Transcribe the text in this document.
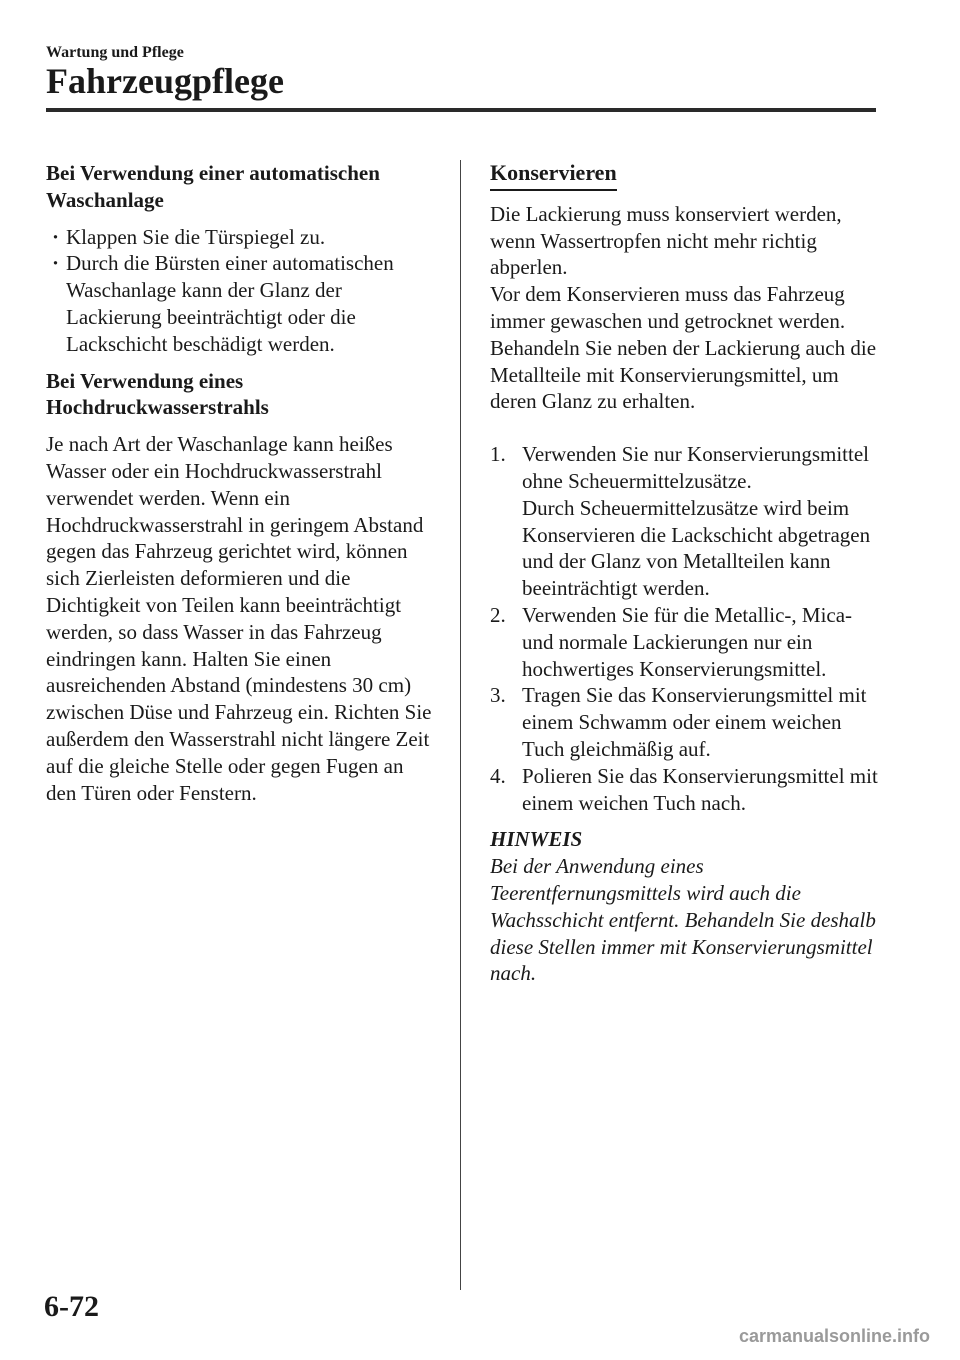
Wartung und Pflege
Fahrzeugpflege

Bei Verwendung einer automatischen Waschanlage

· Klappen Sie die Türspiegel zu.
· Durch die Bürsten einer automatischen Waschanlage kann der Glanz der Lackierung beeinträchtigt oder die Lackschicht beschädigt werden.

Bei Verwendung eines Hochdruckwasserstrahls

Je nach Art der Waschanlage kann heißes Wasser oder ein Hochdruckwasserstrahl verwendet werden. Wenn ein Hochdruckwasserstrahl in geringem Abstand gegen das Fahrzeug gerichtet wird, können sich Zierleisten deformieren und die Dichtigkeit von Teilen kann beeinträchtigt werden, so dass Wasser in das Fahrzeug eindringen kann. Halten Sie einen ausreichenden Abstand (mindestens 30 cm) zwischen Düse und Fahrzeug ein. Richten Sie außerdem den Wasserstrahl nicht längere Zeit auf die gleiche Stelle oder gegen Fugen an den Türen oder Fenstern.

Konservieren

Die Lackierung muss konserviert werden, wenn Wassertropfen nicht mehr richtig abperlen.

Vor dem Konservieren muss das Fahrzeug immer gewaschen und getrocknet werden. Behandeln Sie neben der Lackierung auch die Metallteile mit Konservierungsmittel, um deren Glanz zu erhalten.

1. Verwenden Sie nur Konservierungsmittel ohne Scheuermittelzusätze.
Durch Scheuermittelzusätze wird beim Konservieren die Lackschicht abgetragen und der Glanz von Metallteilen kann beeinträchtigt werden.
2. Verwenden Sie für die Metallic-, Mica- und normale Lackierungen nur ein hochwertiges Konservierungsmittel.
3. Tragen Sie das Konservierungsmittel mit einem Schwamm oder einem weichen Tuch gleichmäßig auf.
4. Polieren Sie das Konservierungsmittel mit einem weichen Tuch nach.

HINWEIS

Bei der Anwendung eines Teerentfernungsmittels wird auch die Wachsschicht entfernt. Behandeln Sie deshalb diese Stellen immer mit Konservierungsmittel nach.

6-72
carmanualsonline.info
